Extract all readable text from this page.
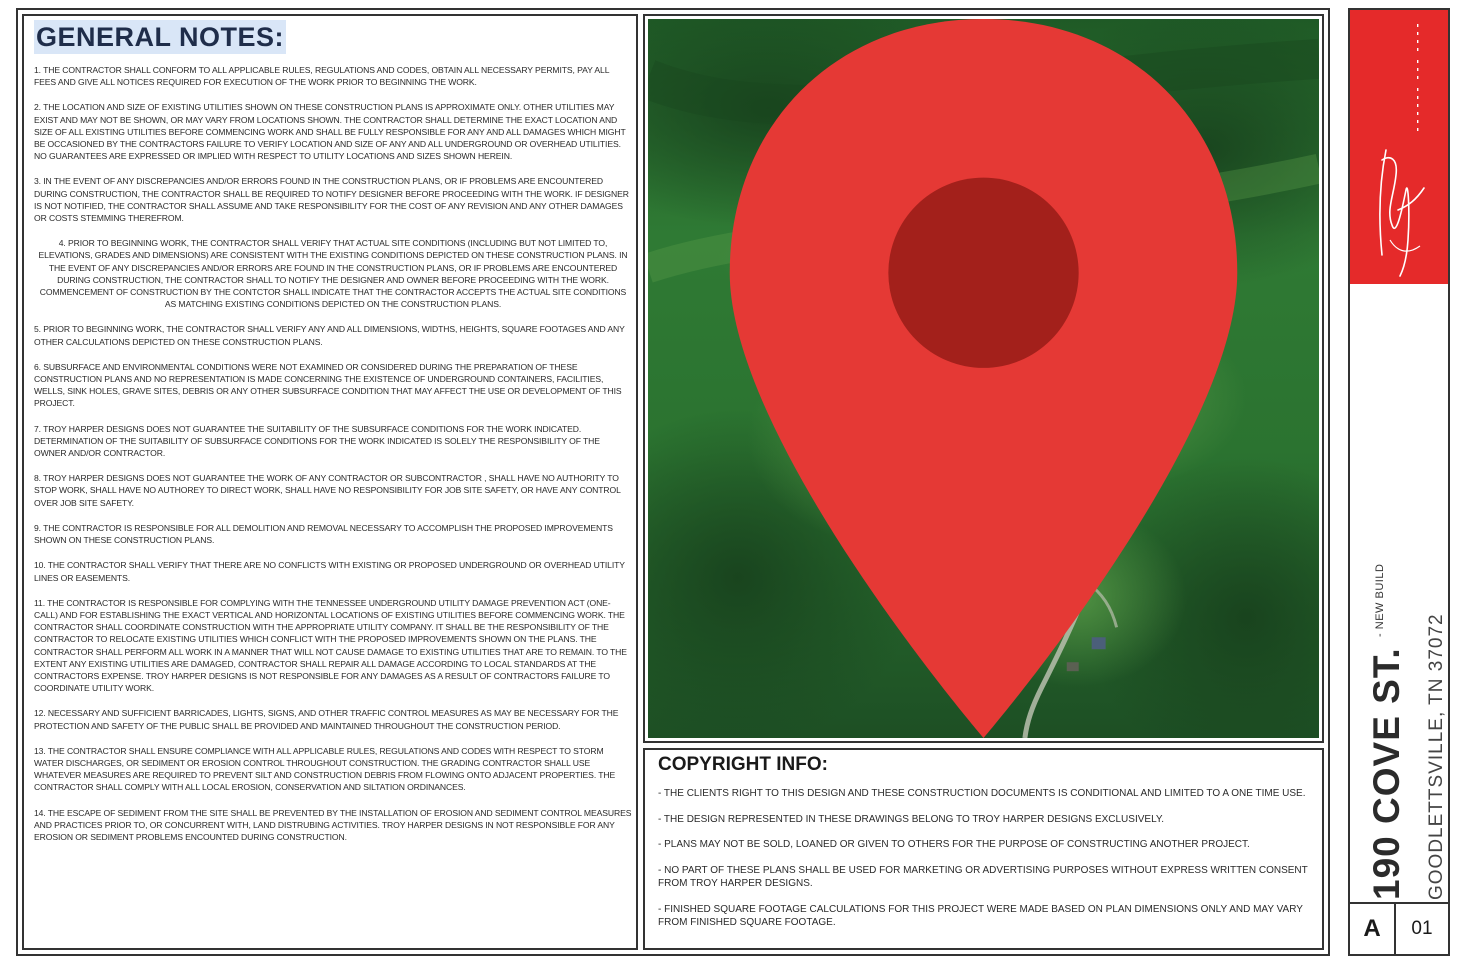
GENERAL NOTES:

1. THE CONTRACTOR SHALL CONFORM TO ALL APPLICABLE RULES, REGULATIONS AND CODES, OBTAIN ALL NECESSARY PERMITS, PAY ALL FEES AND GIVE ALL NOTICES REQUIRED FOR EXECUTION OF THE WORK PRIOR TO BEGINNING THE WORK.

2. THE LOCATION AND SIZE OF EXISTING UTILITIES SHOWN ON THESE CONSTRUCTION PLANS IS APPROXIMATE ONLY. OTHER UTILITIES MAY EXIST AND MAY NOT BE SHOWN, OR MAY VARY FROM LOCATIONS SHOWN. THE CONTRACTOR SHALL DETERMINE THE EXACT LOCATION AND SIZE OF ALL EXISTING UTILITIES BEFORE COMMENCING WORK AND SHALL BE FULLY RESPONSIBLE FOR ANY AND ALL DAMAGES WHICH MIGHT BE OCCASIONED BY THE CONTRACTORS FAILURE TO VERIFY LOCATION AND SIZE OF ANY AND ALL UNDERGROUND OR OVERHEAD UTILITIES. NO GUARANTEES ARE EXPRESSED OR IMPLIED WITH RESPECT TO UTILITY LOCATIONS AND SIZES SHOWN HEREIN.

3. IN THE EVENT OF ANY DISCREPANCIES AND/OR ERRORS FOUND IN THE CONSTRUCTION PLANS, OR IF PROBLEMS ARE ENCOUNTERED DURING CONSTRUCTION, THE CONTRACTOR SHALL BE REQUIRED TO NOTIFY DESIGNER BEFORE PROCEEDING WITH THE WORK. IF DESIGNER IS NOT NOTIFIED, THE CONTRACTOR SHALL ASSUME AND TAKE RESPONSIBILITY FOR THE COST OF ANY REVISION AND ANY OTHER DAMAGES OR COSTS STEMMING THEREFROM.

4. PRIOR TO BEGINNING WORK, THE CONTRACTOR SHALL VERIFY THAT ACTUAL SITE CONDITIONS (INCLUDING BUT NOT LIMITED TO, ELEVATIONS, GRADES AND DIMENSIONS) ARE CONSISTENT WITH THE EXISTING CONDITIONS DEPICTED ON THESE CONSTRUCTION PLANS. IN THE EVENT OF ANY DISCREPANCIES AND/OR ERRORS ARE FOUND IN THE CONSTRUCTION PLANS, OR IF PROBLEMS ARE ENCOUNTERED DURING CONSTRUCTION, THE CONTRACTOR SHALL TO NOTIFY THE DESIGNER AND OWNER BEFORE PROCEEDING WITH THE WORK. COMMENCEMENT OF CONSTRUCTION BY THE CONTCTOR SHALL INDICATE THAT THE CONTRACTOR ACCEPTS THE ACTUAL SITE CONDITIONS AS MATCHING EXISTING CONDITIONS DEPICTED ON THE CONSTRUCTION PLANS.

5. PRIOR TO BEGINNING WORK, THE CONTRACTOR SHALL VERIFY ANY AND ALL DIMENSIONS, WIDTHS, HEIGHTS, SQUARE FOOTAGES AND ANY OTHER CALCULATIONS DEPICTED ON THESE CONSTRUCTION PLANS.

6. SUBSURFACE AND ENVIRONMENTAL CONDITIONS WERE NOT EXAMINED OR CONSIDERED DURING THE PREPARATION OF THESE CONSTRUCTION PLANS AND NO REPRESENTATION IS MADE CONCERNING THE EXISTENCE OF UNDERGROUND CONTAINERS, FACILITIES, WELLS, SINK HOLES, GRAVE SITES, DEBRIS OR ANY OTHER SUBSURFACE CONDITION THAT MAY AFFECT THE USE OR DEVELOPMENT OF THIS PROJECT.

7. TROY HARPER DESIGNS DOES NOT GUARANTEE THE SUITABILITY OF THE SUBSURFACE CONDITIONS FOR THE WORK INDICATED. DETERMINATION OF THE SUITABILITY OF SUBSURFACE CONDITIONS FOR THE WORK INDICATED IS SOLELY THE RESPONSIBILITY OF THE OWNER AND/OR CONTRACTOR.

8. TROY HARPER DESIGNS DOES NOT GUARANTEE THE WORK OF ANY CONTRACTOR OR SUBCONTRACTOR , SHALL HAVE NO AUTHORITY TO STOP WORK, SHALL HAVE NO AUTHOREY TO DIRECT WORK, SHALL HAVE NO RESPONSIBILITY FOR JOB SITE SAFETY, OR HAVE ANY CONTROL OVER JOB SITE SAFETY.

9. THE CONTRACTOR IS RESPONSIBLE FOR ALL DEMOLITION AND REMOVAL NECESSARY TO ACCOMPLISH THE PROPOSED IMPROVEMENTS SHOWN ON THESE CONSTRUCTION PLANS.

10. THE CONTRACTOR SHALL VERIFY THAT THERE ARE NO CONFLICTS WITH EXISTING OR PROPOSED UNDERGROUND OR OVERHEAD UTILITY LINES OR EASEMENTS.

11. THE CONTRACTOR IS RESPONSIBLE FOR COMPLYING WITH THE TENNESSEE UNDERGROUND UTILITY DAMAGE PREVENTION ACT (ONE-CALL) AND FOR ESTABLISHING THE EXACT VERTICAL AND HORIZONTAL LOCATIONS OF EXISTING UTILITIES BEFORE COMMENCING WORK. THE CONTRACTOR SHALL COORDINATE CONSTRUCTION WITH THE APPROPRIATE UTILITY COMPANY. IT SHALL BE THE RESPONSIBILITY OF THE CONTRACTOR TO RELOCATE EXISTING UTILITIES WHICH CONFLICT WITH THE PROPOSED IMPROVEMENTS SHOWN ON THE PLANS. THE CONTRACTOR SHALL PERFORM ALL WORK IN A MANNER THAT WILL NOT CAUSE DAMAGE TO EXISTING UTILITIES THAT ARE TO REMAIN. TO THE EXTENT ANY EXISTING UTILITIES ARE DAMAGED, CONTRACTOR SHALL REPAIR ALL DAMAGE ACCORDING TO LOCAL STANDARDS AT THE CONTRACTORS EXPENSE. TROY HARPER DESIGNS IS NOT RESPONSIBLE FOR ANY DAMAGES AS A RESULT OF CONTRACTORS FAILURE TO COORDINATE UTILITY WORK.

12. NECESSARY AND SUFFICIENT BARRICADES, LIGHTS, SIGNS, AND OTHER TRAFFIC CONTROL MEASURES AS MAY BE NECESSARY FOR THE PROTECTION AND SAFETY OF THE PUBLIC SHALL BE PROVIDED AND MAINTAINED THROUGHOUT THE CONSTRUCTION PERIOD.

13. THE CONTRACTOR SHALL ENSURE COMPLIANCE WITH ALL APPLICABLE RULES, REGULATIONS AND CODES WITH RESPECT TO STORM WATER DISCHARGES, OR SEDIMENT OR EROSION CONTROL THROUGHOUT CONSTRUCTION. THE GRADING CONTRACTOR SHALL USE WHATEVER MEASURES ARE REQUIRED TO PREVENT SILT AND CONSTRUCTION DEBRIS FROM FLOWING ONTO ADJACENT PROPERTIES. THE CONTRACTOR SHALL COMPLY WITH ALL LOCAL EROSION, CONSERVATION AND SILTATION ORDINANCES.

14. THE ESCAPE OF SEDIMENT FROM THE SITE SHALL BE PREVENTED BY THE INSTALLATION OF EROSION AND SEDIMENT CONTROL MEASURES AND PRACTICES PRIOR TO, OR CONCURRENT WITH, LAND DISTRUBING ACTIVITIES. TROY HARPER DESIGNS IN NOT RESPONSIBLE FOR ANY EROSION OR SEDIMENT PROBLEMS ENCOUNTED DURING CONSTRUCTION.

COPYRIGHT INFO:

- THE CLIENTS RIGHT TO THIS DESIGN AND THESE CONSTRUCTION DOCUMENTS IS CONDITIONAL AND LIMITED TO A ONE TIME USE.

- THE DESIGN REPRESENTED IN THESE DRAWINGS BELONG TO TROY HARPER DESIGNS EXCLUSIVELY.

- PLANS MAY NOT BE SOLD, LOANED OR GIVEN TO OTHERS FOR THE PURPOSE OF CONSTRUCTING ANOTHER PROJECT.

- NO PART OF THESE PLANS SHALL BE USED FOR MARKETING OR ADVERTISING PURPOSES WITHOUT EXPRESS WRITTEN CONSENT FROM TROY HARPER DESIGNS.

- FINISHED SQUARE FOOTAGE CALCULATIONS FOR THIS PROJECT WERE MADE BASED ON PLAN DIMENSIONS ONLY AND MAY VARY FROM FINISHED SQUARE FOOTAGE.

190 COVE ST. $^{- NEW BUILD}$
GOODLETTSVILLE, TN 37072
A	01
